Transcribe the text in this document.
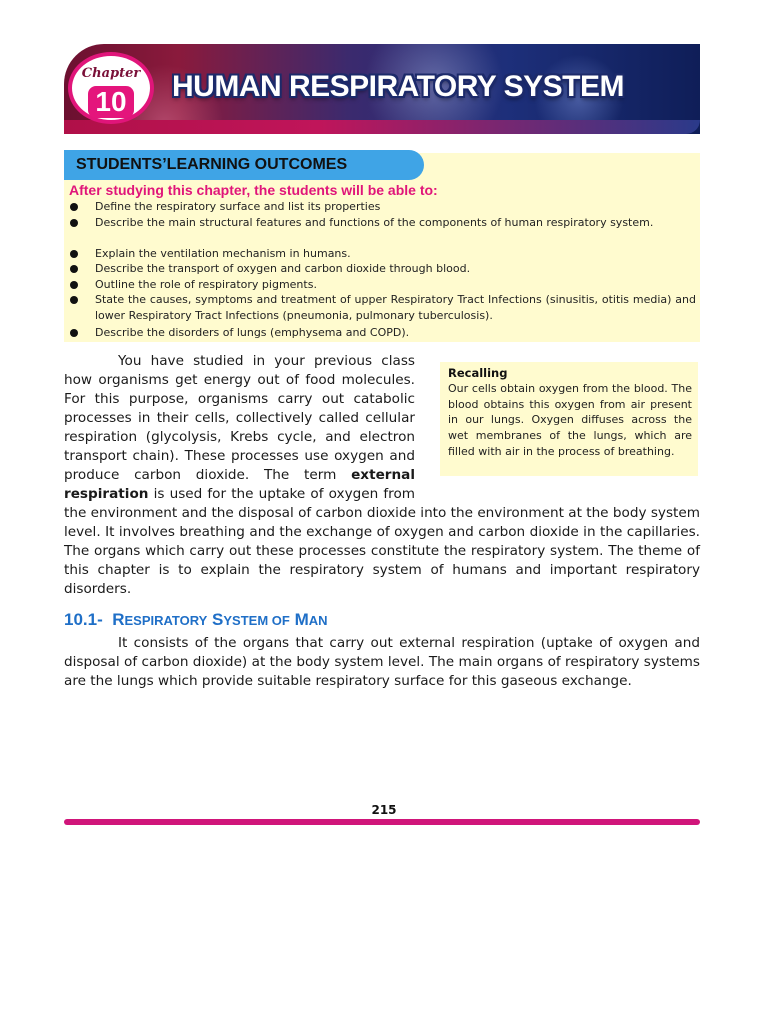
Chapter
10 HUMAN RESPIRATORY SYSTEM
STUDENTS’LEARNING OUTCOMES
After studying this chapter, the students will be able to:
Define the respiratory surface and list its properties
Describe the main structural features and functions of the components of human respiratory system.
Explain the ventilation mechanism in humans.
Describe the transport of oxygen and carbon dioxide through blood.
Outline the role of respiratory pigments.
State the causes, symptoms and treatment of upper Respiratory Tract Infections (sinusitis, otitis media) and lower Respiratory Tract Infections (pneumonia, pulmonary tuberculosis).
Describe the disorders of lungs (emphysema and COPD).
Recalling
Our cells obtain oxygen from the blood. The blood obtains this oxygen from air present in our lungs. Oxygen diffuses across the wet membranes of the lungs, which are filled with air in the process of breathing.
You have studied in your previous class how organisms get energy out of food molecules. For this purpose, organisms carry out catabolic processes in their cells, collectively called cellular respiration (glycolysis, Krebs cycle, and electron transport chain). These processes use oxygen and produce carbon dioxide. The term external respiration is used for the uptake of oxygen from the environment and the disposal of carbon dioxide into the environment at the body system level. It involves breathing and the exchange of oxygen and carbon dioxide in the capillaries. The organs which carry out these processes constitute the respiratory system. The theme of this chapter is to explain the respiratory system of humans and important respiratory disorders.
10.1-  RESPIRATORY SYSTEM OF MAN
It consists of the organs that carry out external respiration (uptake of oxygen and disposal of carbon dioxide) at the body system level. The main organs of respiratory systems are the lungs which provide suitable respiratory surface for this gaseous exchange.
215
